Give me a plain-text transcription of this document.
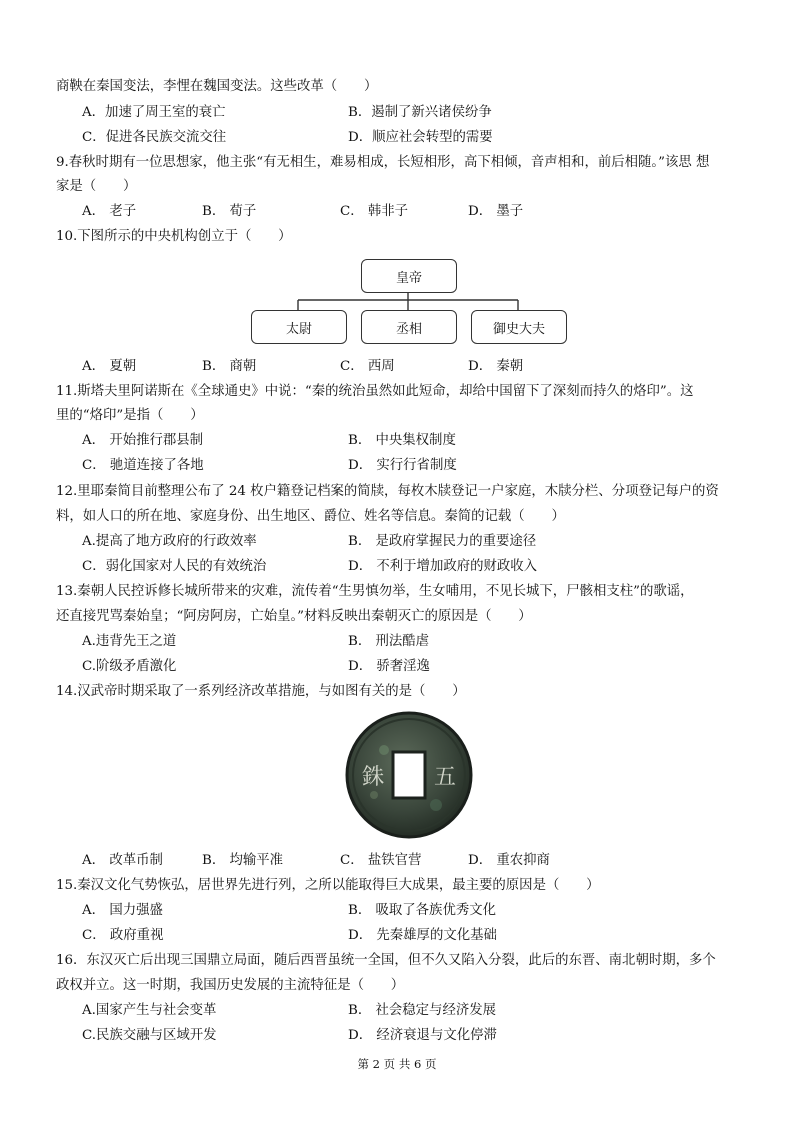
商鞅在秦国变法，李悝在魏国变法。这些改革（　　）
A．加速了周王室的衰亡	B．遏制了新兴诸侯纷争
C．促进各民族交流交往	D．顺应社会转型的需要
9.春秋时期有一位思想家，他主张“有无相生，难易相成，长短相形，高下相倾，音声相和，前后相随。”该思 想
家是（　　）
A． 老子	B． 荀子	C． 韩非子	D． 墨子
10.下图所示的中央机构创立于（　　）
皇帝
太尉	丞相	御史大夫
A． 夏朝	B． 商朝	C． 西周	D． 秦朝
11.斯塔夫里阿诺斯在《全球通史》中说：“秦的统治虽然如此短命，却给中国留下了深刻而持久的烙印”。这
里的“烙印”是指（　　）
A． 开始推行郡县制	B． 中央集权制度
C． 驰道连接了各地	D． 实行行省制度
12.里耶秦简目前整理公布了 24 枚户籍登记档案的简牍，每枚木牍登记一户家庭，木牍分栏、分项登记每户的资
料，如人口的所在地、家庭身份、出生地区、爵位、姓名等信息。秦简的记载（　　）
A.提高了地方政府的行政效率	B． 是政府掌握民力的重要途径
C．弱化国家对人民的有效统治	D． 不利于增加政府的财政收入
13.秦朝人民控诉修长城所带来的灾难，流传着“生男慎勿举，生女哺用，不见长城下，尸骸相支柱”的歌谣，
还直接咒骂秦始皇；“阿房阿房，亡始皇。”材料反映出秦朝灭亡的原因是（　　）
A.违背先王之道	B． 刑法酷虐
C.阶级矛盾激化	D． 骄奢淫逸
14.汉武帝时期采取了一系列经济改革措施，与如图有关的是（　　）
銖 五
A． 改革币制	B． 均输平准	C． 盐铁官营	D． 重农抑商
15.秦汉文化气势恢弘，居世界先进行列，之所以能取得巨大成果，最主要的原因是（　　）
A． 国力强盛	B． 吸取了各族优秀文化
C． 政府重视	D． 先秦雄厚的文化基础
16．东汉灭亡后出现三国鼎立局面，随后西晋虽统一全国，但不久又陷入分裂，此后的东晋、南北朝时期，多个
政权并立。这一时期，我国历史发展的主流特征是（　　）
A.国家产生与社会变革	B． 社会稳定与经济发展
C.民族交融与区域开发	D． 经济衰退与文化停滞
第 2 页 共 6 页
